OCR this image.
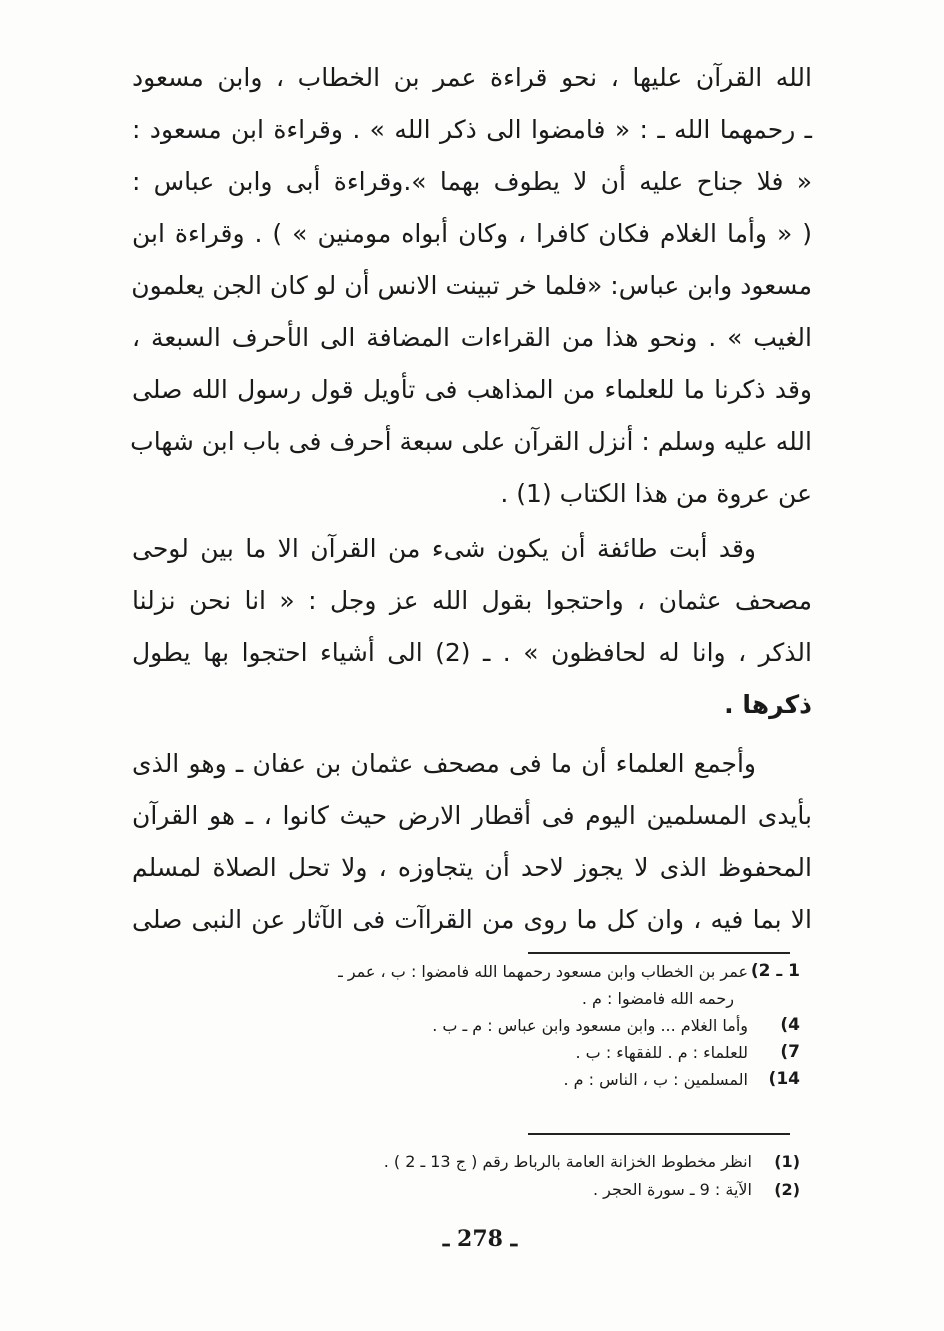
الله القرآن عليها ، نحو قراءة عمر بن الخطاب ، وابن مسعود
ـ رحمهما الله ـ : « فامضوا الى ذكر الله » . وقراءة ابن مسعود :
« فلا جناح عليه أن لا يطوف بهما ».وقراءة أبى وابن عباس :
( « وأما الغلام فكان كافرا ، وكان أبواه مومنين » ) . وقراءة ابن
مسعود وابن عباس: «فلما خر تبينت الانس أن لو كان الجن يعلمون
الغيب » . ونحو هذا من القراءات المضافة الى الأحرف السبعة ،
وقد ذكرنا ما للعلماء من المذاهب فى تأويل قول رسول الله صلى
الله عليه وسلم : أنزل القرآن على سبعة أحرف فى باب ابن شهاب
عن عروة من هذا الكتاب (1) .
وقد أبت طائفة أن يكون شىء من القرآن الا ما بين لوحى
مصحف عثمان ، واحتجوا بقول الله عز وجل : « انا نحن نزلنا
الذكر ، وانا له لحافظون » . ـ (2) الى أشياء احتجوا بها يطول
ذكرها .
وأجمع العلماء أن ما فى مصحف عثمان بن عفان ـ وهو الذى
بأيدى المسلمين اليوم فى أقطار الارض حيث كانوا ، ـ هو القرآن
المحفوظ الذى لا يجوز لاحد أن يتجاوزه ، ولا تحل الصلاة لمسلم
الا بما فيه ، وان كل ما روى من القراآت فى الآثار عن النبى صلى
1 ـ 2)
عمر بن الخطاب وابن مسعود رحمهما الله فامضوا : ب ، عمر ـ
رحمه الله فامضوا : م .
4)
وأما الغلام ... وابن مسعود وابن عباس : م ـ ب .
7)
للعلماء : م . للفقهاء : ب .
14)
المسلمين : ب ، الناس : م .
(1)
انظر مخطوط الخزانة العامة بالرباط رقم ( ج 13 ـ 2 ) .
(2)
الآية : 9 ـ سورة الحجر .
ـ 278 ـ
